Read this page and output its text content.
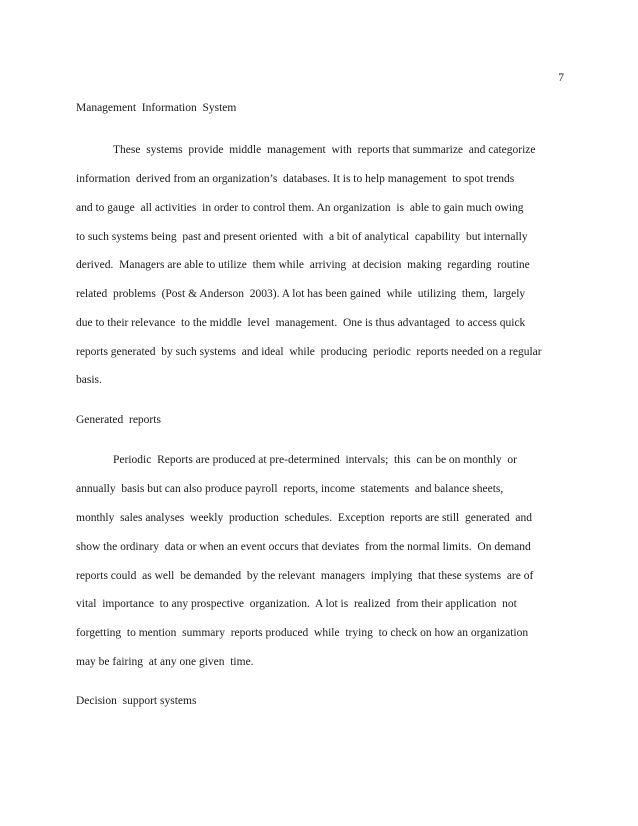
7
Management  Information  System
These  systems  provide  middle  management  with  reports that summarize  and categorize
information  derived from an organization’s  databases. It is to help management  to spot trends
and to gauge  all activities  in order to control them. An organization  is  able to gain much owing
to such systems being  past and present oriented  with  a bit of analytical  capability  but internally
derived.  Managers are able to utilize  them while  arriving  at decision  making  regarding  routine
related  problems  (Post & Anderson  2003). A lot has been gained  while  utilizing  them,  largely
due to their relevance  to the middle  level  management.  One is thus advantaged  to access quick
reports generated  by such systems  and ideal  while  producing  periodic  reports needed on a regular
basis.
Generated  reports
Periodic  Reports are produced at pre-determined  intervals;  this  can be on monthly  or
annually  basis but can also produce payroll  reports, income  statements  and balance sheets,
monthly  sales analyses  weekly  production  schedules.  Exception  reports are still  generated  and
show the ordinary  data or when an event occurs that deviates  from the normal limits.  On demand
reports could  as well  be demanded  by the relevant  managers  implying  that these systems  are of
vital  importance  to any prospective  organization.  A lot is  realized  from their application  not
forgetting  to mention  summary  reports produced  while  trying  to check on how an organization
may be fairing  at any one given  time.
Decision  support systems
